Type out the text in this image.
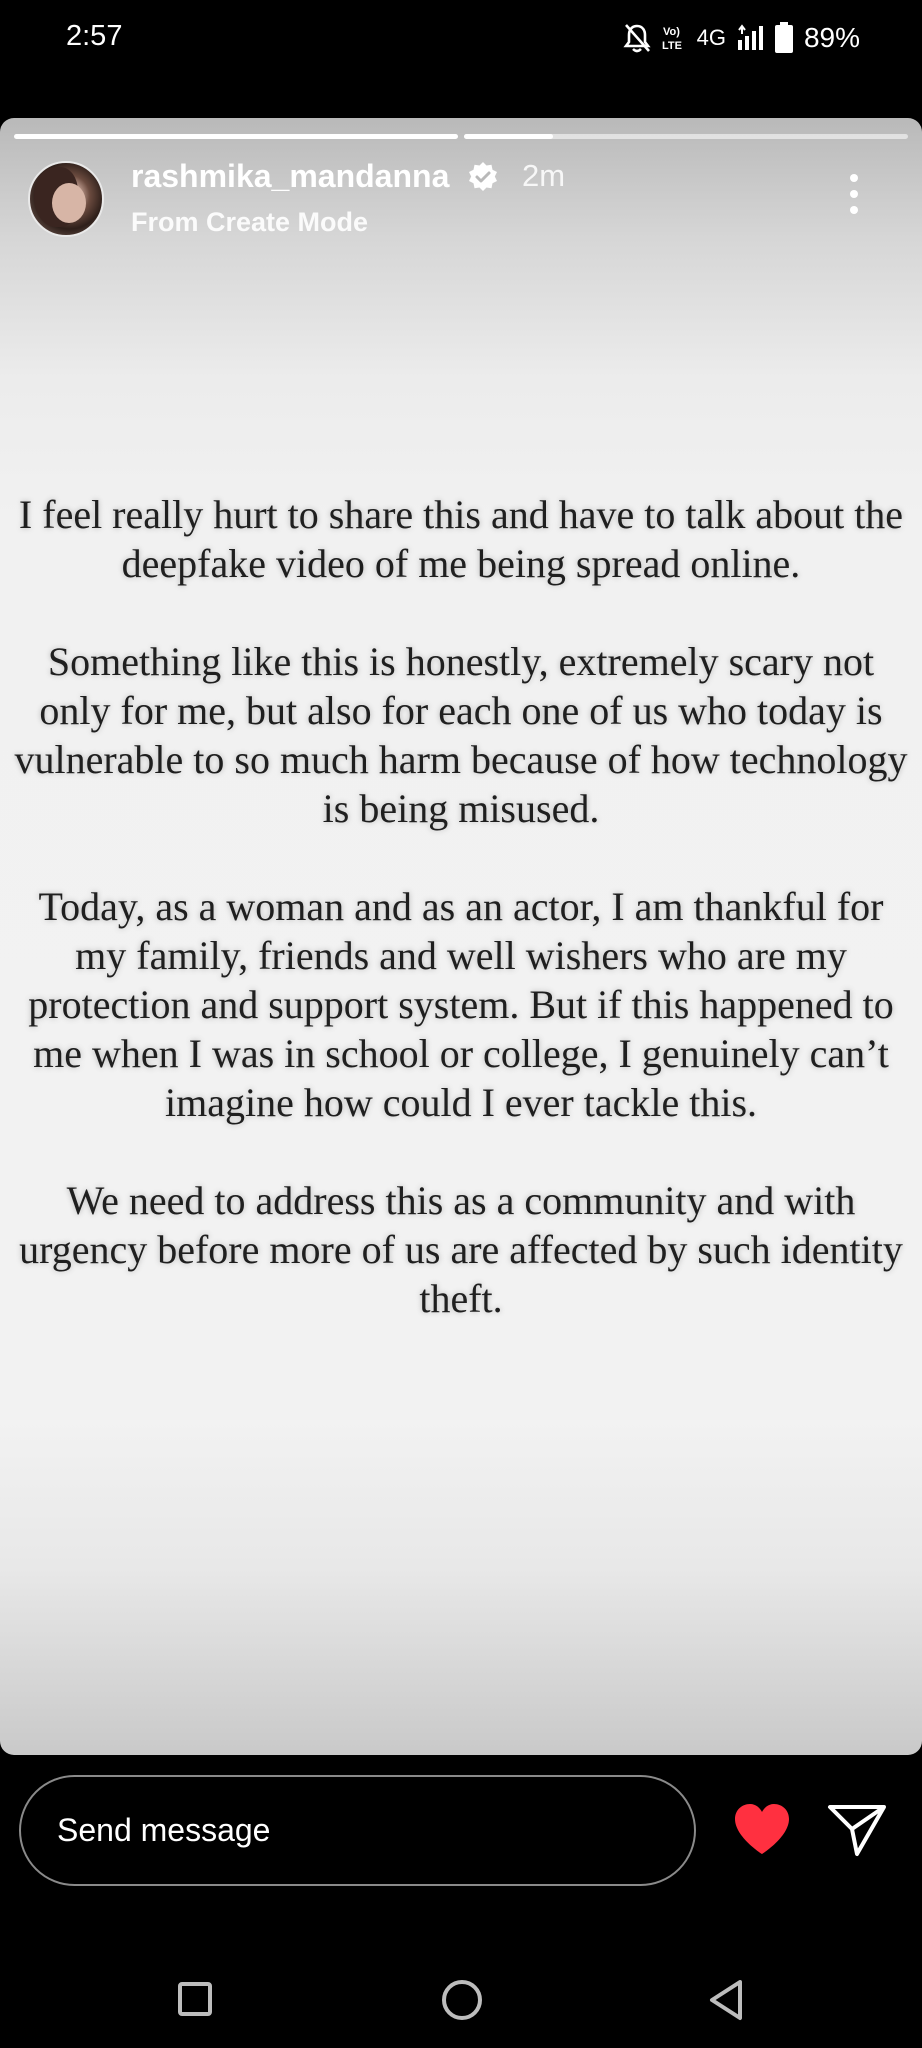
2:57	Vo)
LTE 4G	89%
rashmika_mandanna 2m
From Create Mode

I feel really hurt to share this and have to talk about the deepfake video of me being spread online.

Something like this is honestly, extremely scary not only for me, but also for each one of us who today is vulnerable to so much harm because of how technology is being misused.

Today, as a woman and as an actor, I am thankful for my family, friends and well wishers who are my protection and support system. But if this happened to me when I was in school or college, I genuinely can’t imagine how could I ever tackle this.

We need to address this as a community and with urgency before more of us are affected by such identity theft.

Send message
